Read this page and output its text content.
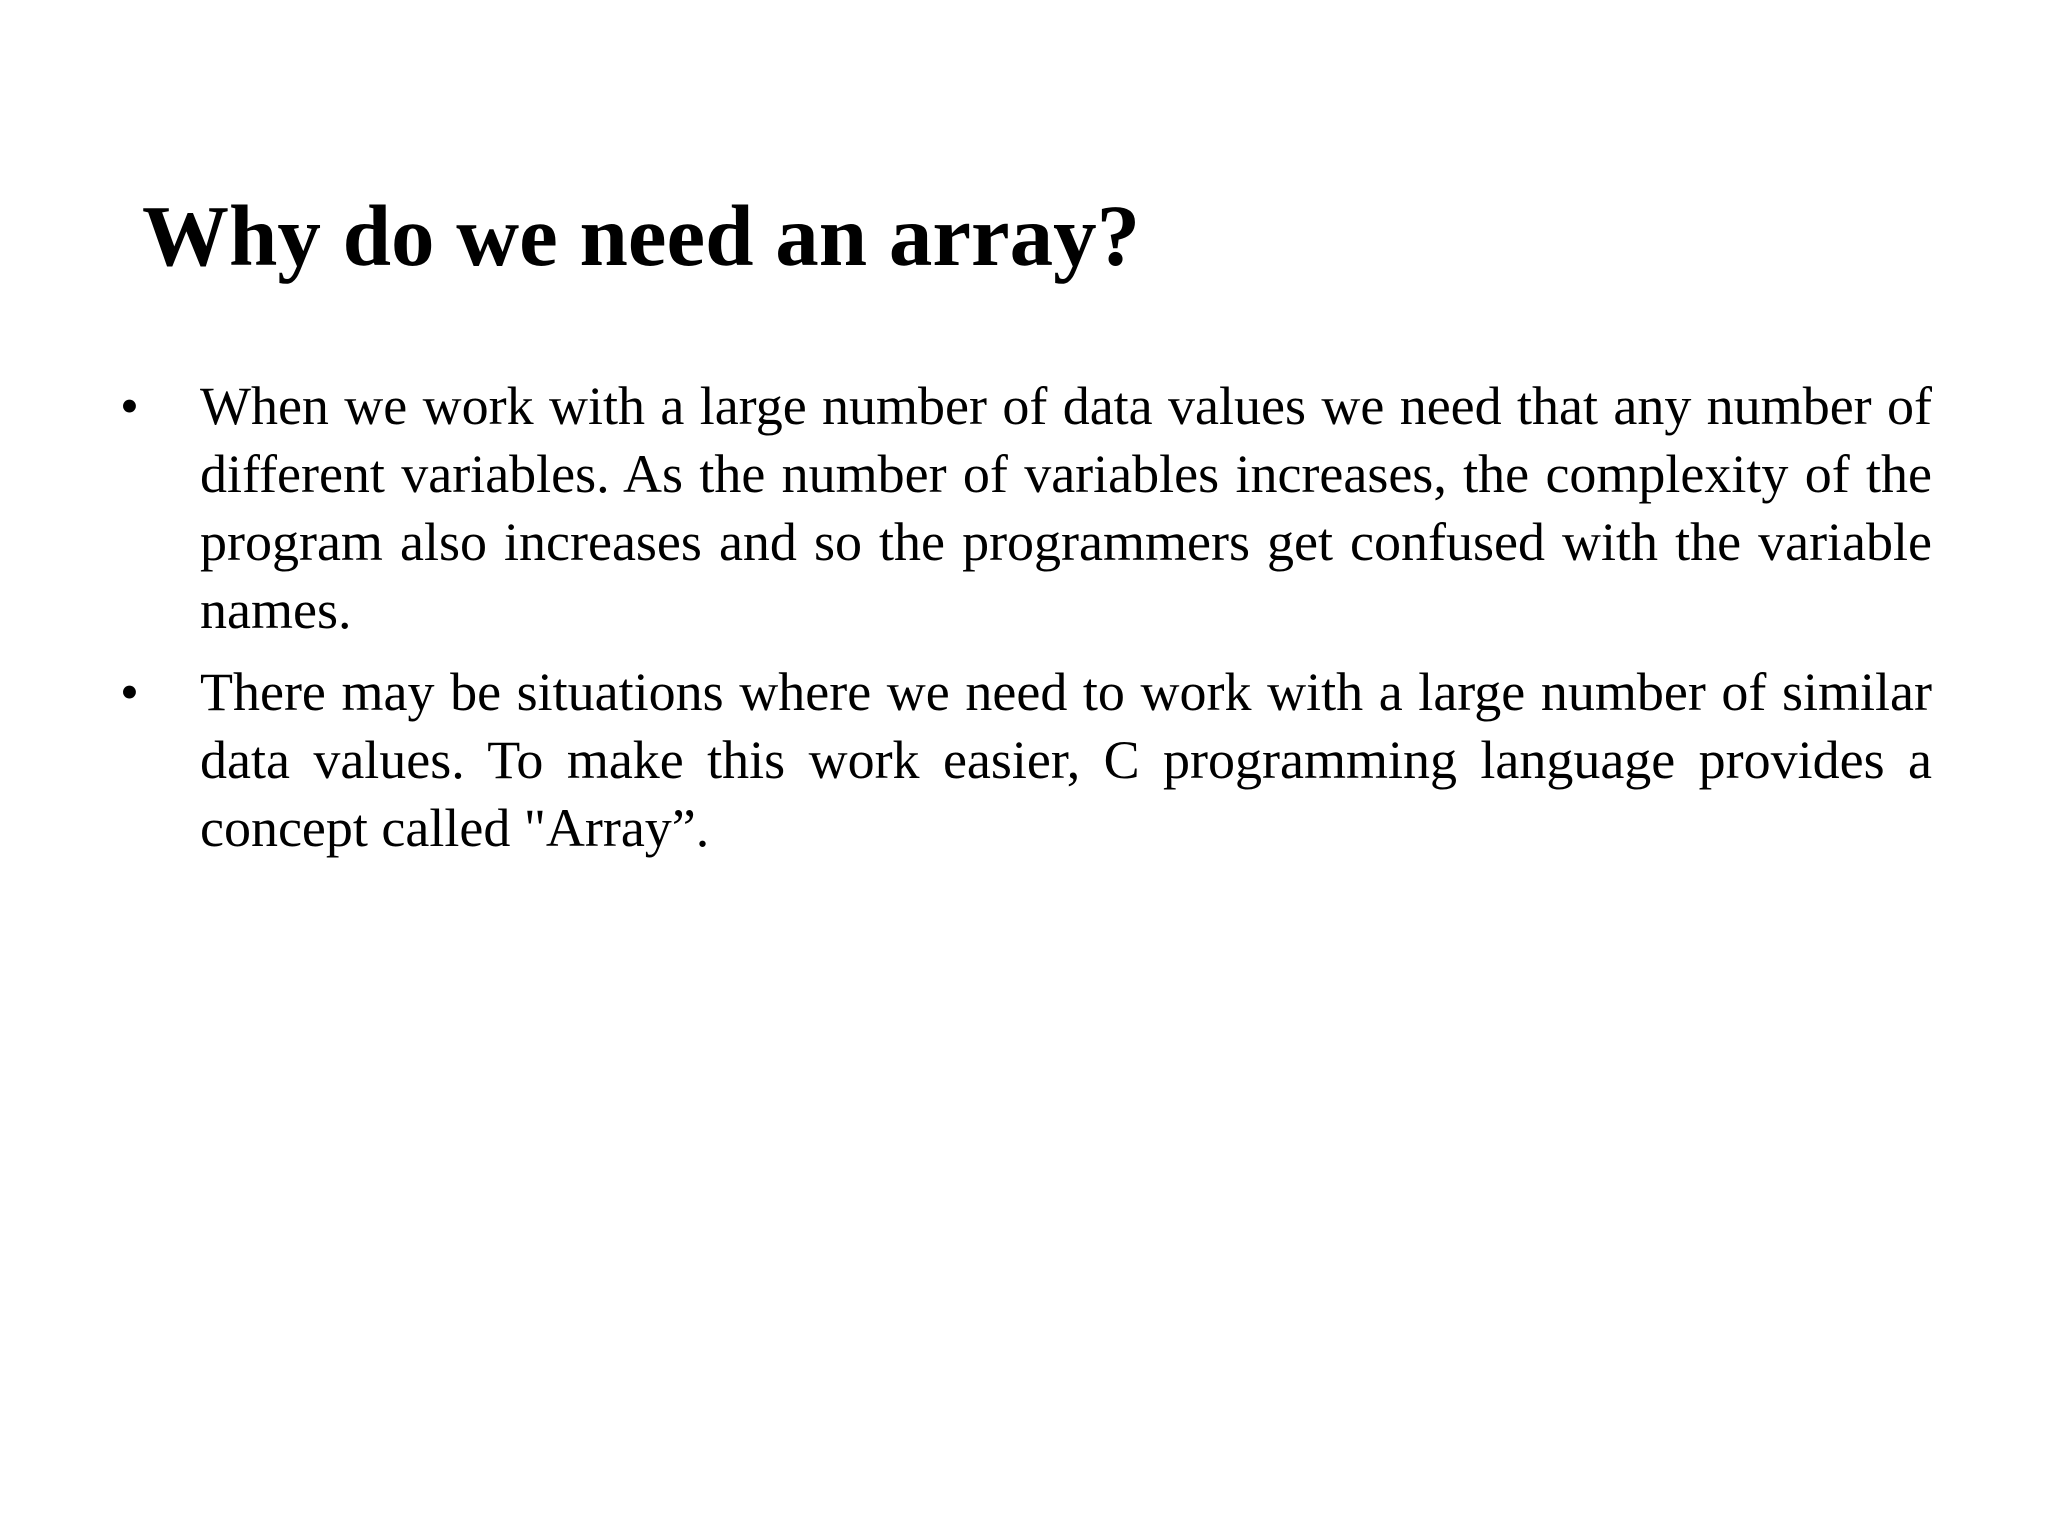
Why do we need an array?
• When we work with a large number of data values we need that any number of different variables. As the number of variables increases, the complexity of the program also increases and so the programmers get confused with the variable names.
• There may be situations where we need to work with a large number of similar data values. To make this work easier, C programming language provides a concept called "Array”.
